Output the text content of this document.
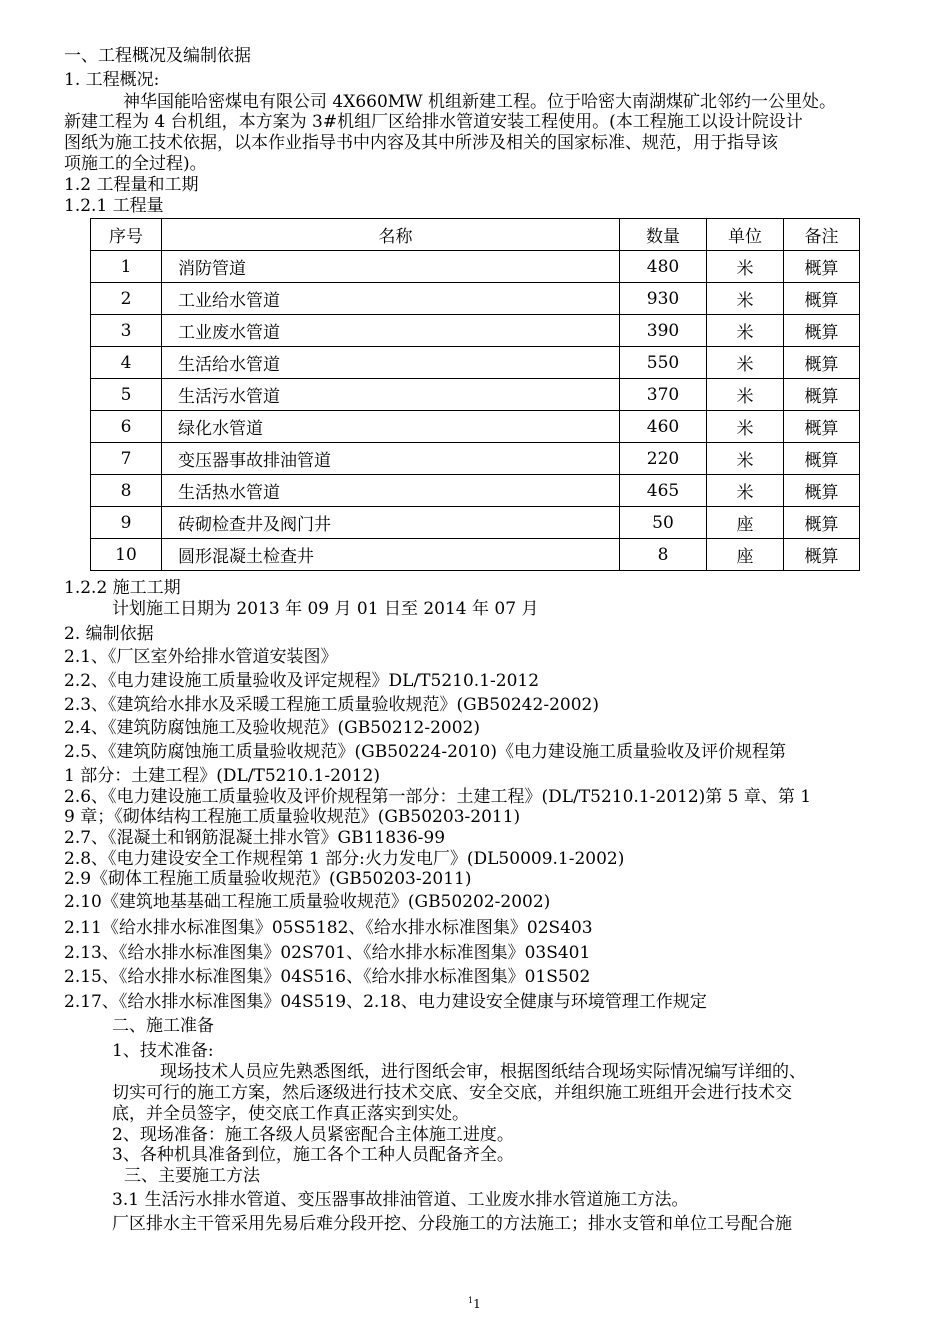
一、工程概况及编制依据
1. 工程概况:
神华国能哈密煤电有限公司 4X660MW 机组新建工程。位于哈密大南湖煤矿北邻约一公里处。
新建工程为 4 台机组，本方案为 3#机组厂区给排水管道安装工程使用。(本工程施工以设计院设计
图纸为施工技术依据，以本作业指导书中内容及其中所涉及相关的国家标准、规范，用于指导该
项施工的全过程)。
1.2 工程量和工期
1.2.1 工程量
序号	名称	数量	单位	备注
1	消防管道	480	米	概算
2	工业给水管道	930	米	概算
3	工业废水管道	390	米	概算
4	生活给水管道	550	米	概算
5	生活污水管道	370	米	概算
6	绿化水管道	460	米	概算
7	变压器事故排油管道	220	米	概算
8	生活热水管道	465	米	概算
9	砖砌检查井及阀门井	50	座	概算
10	圆形混凝土检查井	8	座	概算
1.2.2 施工工期
计划施工日期为 2013 年 09 月 01 日至 2014 年 07 月
2. 编制依据
2.1、《厂区室外给排水管道安装图》
2.2、《电力建设施工质量验收及评定规程》DL/T5210.1-2012
2.3、《建筑给水排水及采暖工程施工质量验收规范》(GB50242-2002)
2.4、《建筑防腐蚀施工及验收规范》(GB50212-2002)
2.5、《建筑防腐蚀施工质量验收规范》(GB50224-2010)《电力建设施工质量验收及评价规程第
1 部分：土建工程》(DL/T5210.1-2012)
2.6、《电力建设施工质量验收及评价规程第一部分：土建工程》(DL/T5210.1-2012)第 5 章、第 1
9 章；《砌体结构工程施工质量验收规范》(GB50203-2011)
2.7、《混凝土和钢筋混凝土排水管》GB11836-99
2.8、《电力建设安全工作规程第 1 部分:火力发电厂》(DL50009.1-2002)
2.9《砌体工程施工质量验收规范》(GB50203-2011)
2.10《建筑地基基础工程施工质量验收规范》(GB50202-2002)
2.11《给水排水标准图集》05S5182、《给水排水标准图集》02S403
2.13、《给水排水标准图集》02S701、《给水排水标准图集》03S401
2.15、《给水排水标准图集》04S516、《给水排水标准图集》01S502
2.17、《给水排水标准图集》04S519、2.18、电力建设安全健康与环境管理工作规定
二、施工准备
1、技术准备:
现场技术人员应先熟悉图纸，进行图纸会审，根据图纸结合现场实际情况编写详细的、
切实可行的施工方案，然后逐级进行技术交底、安全交底，并组织施工班组开会进行技术交
底，并全员签字，使交底工作真正落实到实处。
2、现场准备：施工各级人员紧密配合主体施工进度。
3、各种机具准备到位，施工各个工种人员配备齐全。
三、主要施工方法
3.1 生活污水排水管道、变压器事故排油管道、工业废水排水管道施工方法。
厂区排水主干管采用先易后难分段开挖、分段施工的方法施工；排水支管和单位工号配合施
$^1$1
